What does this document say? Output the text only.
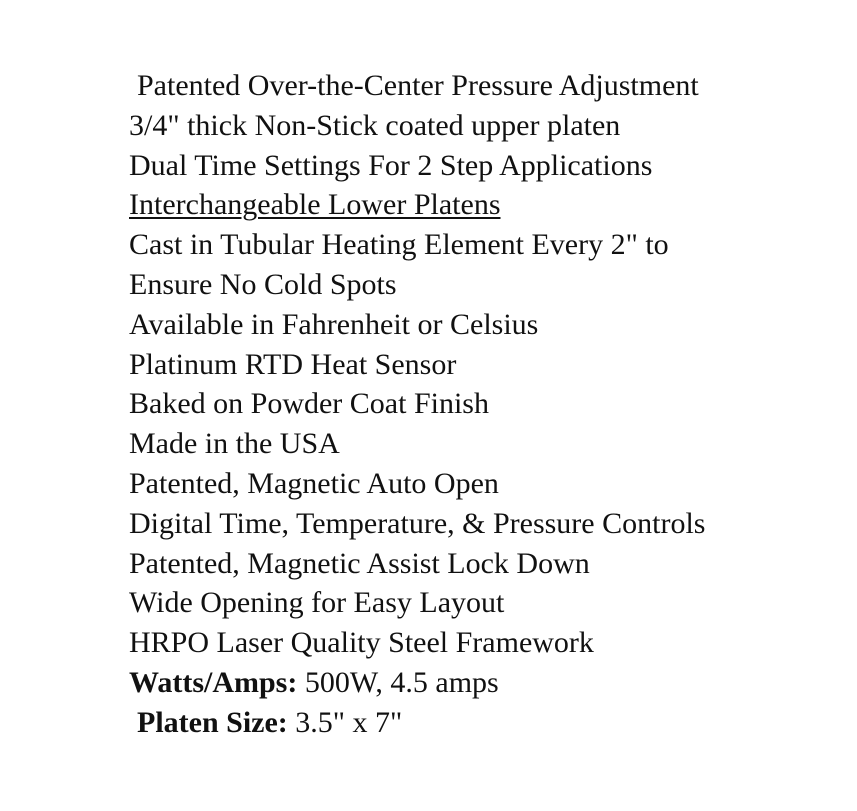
Patented Over-the-Center Pressure Adjustment
3/4" thick Non-Stick coated upper platen
Dual Time Settings For 2 Step Applications
Interchangeable Lower Platens
Cast in Tubular Heating Element Every 2" to
Ensure No Cold Spots
Available in Fahrenheit or Celsius
Platinum RTD Heat Sensor
Baked on Powder Coat Finish
Made in the USA
Patented, Magnetic Auto Open
Digital Time, Temperature, & Pressure Controls
Patented, Magnetic Assist Lock Down
Wide Opening for Easy Layout
HRPO Laser Quality Steel Framework
Watts/Amps: 500W, 4.5 amps
Platen Size: 3.5" x 7"
